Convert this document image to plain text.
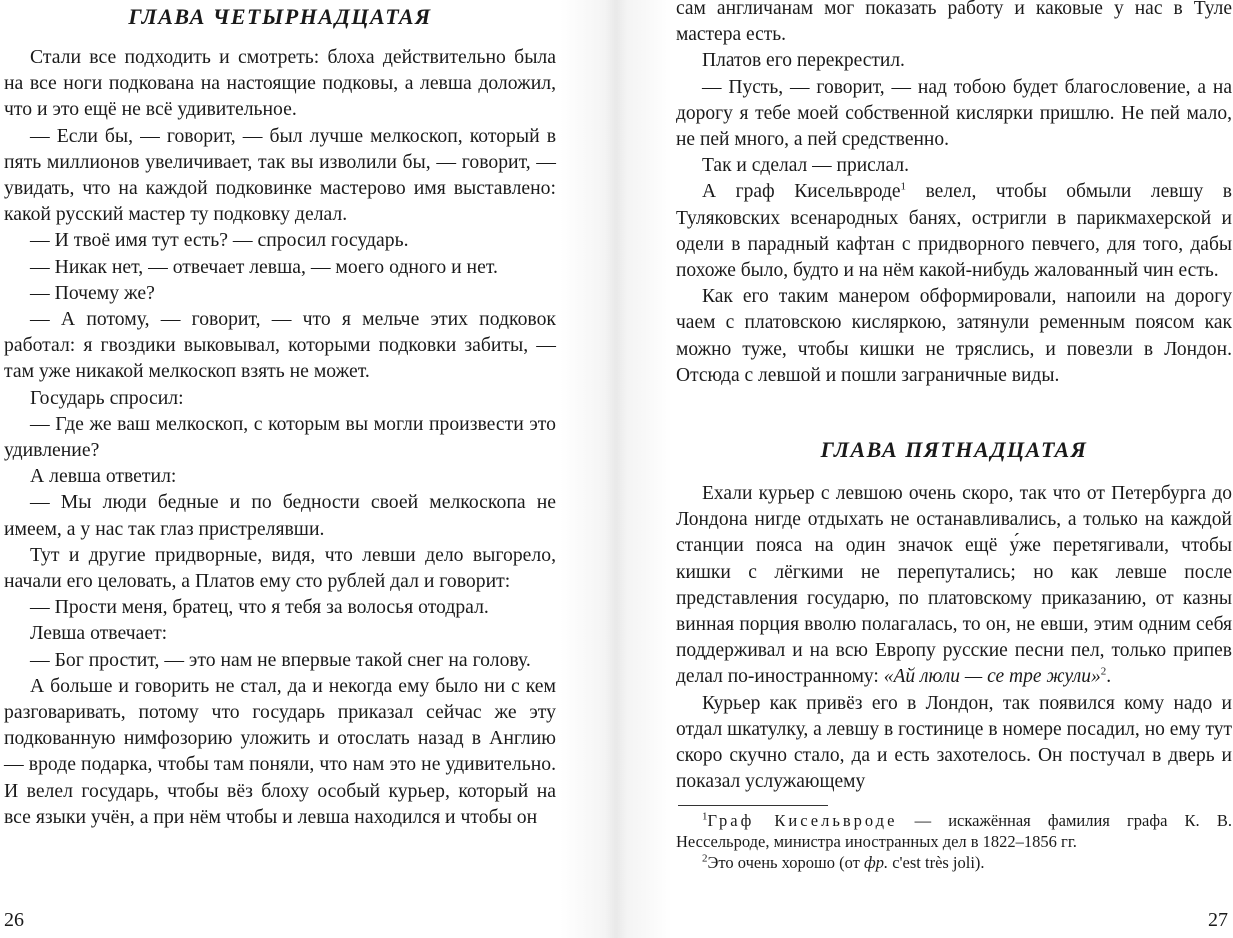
ГЛАВА ЧЕТЫРНАДЦАТАЯ

Стали все подходить и смотреть: блоха действительно была на все ноги подкована на настоящие подковы, а левша доложил, что и это ещё не всё удивительное.

— Если бы, — говорит, — был лучше мелкоскоп, который в пять миллионов увеличивает, так вы изволили бы, — говорит, — увидать, что на каждой подковинке мастерово имя выставлено: какой русский мастер ту подковку делал.

— И твоё имя тут есть? — спросил государь.

— Никак нет, — отвечает левша, — моего одного и нет.

— Почему же?

— А потому, — говорит, — что я мельче этих подковок работал: я гвоздики выковывал, которыми подковки забиты, — там уже никакой мелкоскоп взять не может.

Государь спросил:

— Где же ваш мелкоскоп, с которым вы могли произвести это удивление?

А левша ответил:

— Мы люди бедные и по бедности своей мелкоскопа не имеем, а у нас так глаз пристрелявши.

Тут и другие придворные, видя, что левши дело выгорело, начали его целовать, а Платов ему сто рублей дал и говорит:

— Прости меня, братец, что я тебя за волосья отодрал.

Левша отвечает:

— Бог простит, — это нам не впервые такой снег на голову.

А больше и говорить не стал, да и некогда ему было ни с кем разговаривать, потому что государь приказал сейчас же эту подкованную нимфозорию уложить и отослать назад в Англию — вроде подарка, чтобы там поняли, что нам это не удивительно. И велел государь, чтобы вёз блоху особый курьер, который на все языки учён, а при нём чтобы и левша находился и чтобы он

26

сам англичанам мог показать работу и каковые у нас в Туле мастера есть.

Платов его перекрестил.

— Пусть, — говорит, — над тобою будет благословение, а на дорогу я тебе моей собственной кислярки пришлю. Не пей мало, не пей много, а пей средственно.

Так и сделал — прислал.

А граф Кисельвроде$^1$ велел, чтобы обмыли левшу в Туляковских всенародных банях, остригли в парикмахерской и одели в парадный кафтан с придворного певчего, для того, дабы похоже было, будто и на нём какой-нибудь жалованный чин есть.

Как его таким манером обформировали, напоили на дорогу чаем с платовскою кисляркою, затянули ременным поясом как можно туже, чтобы кишки не тряслись, и повезли в Лондон. Отсюда с левшой и пошли заграничные виды.

ГЛАВА ПЯТНАДЦАТАЯ

Ехали курьер с левшою очень скоро, так что от Петербурга до Лондона нигде отдыхать не останавливались, а только на каждой станции пояса на один значок ещё у́же перетягивали, чтобы кишки с лёгкими не перепутались; но как левше после представления государю, по платовскому приказанию, от казны винная порция вволю полагалась, то он, не евши, этим одним себя поддерживал и на всю Европу русские песни пел, только припев делал по-иностранному: «Ай люли — се тре жули»$^2$.

Курьер как привёз его в Лондон, так появился кому надо и отдал шкатулку, а левшу в гостинице в номере посадил, но ему тут скоро скучно стало, да и есть захотелось. Он постучал в дверь и показал услужающему

$^1$Граф Кисельвроде — искажённая фамилия графа К. В. Нессельроде, министра иностранных дел в 1822–1856 гг.

$^2$Это очень хорошо (от фр. c'est très joli).

27
